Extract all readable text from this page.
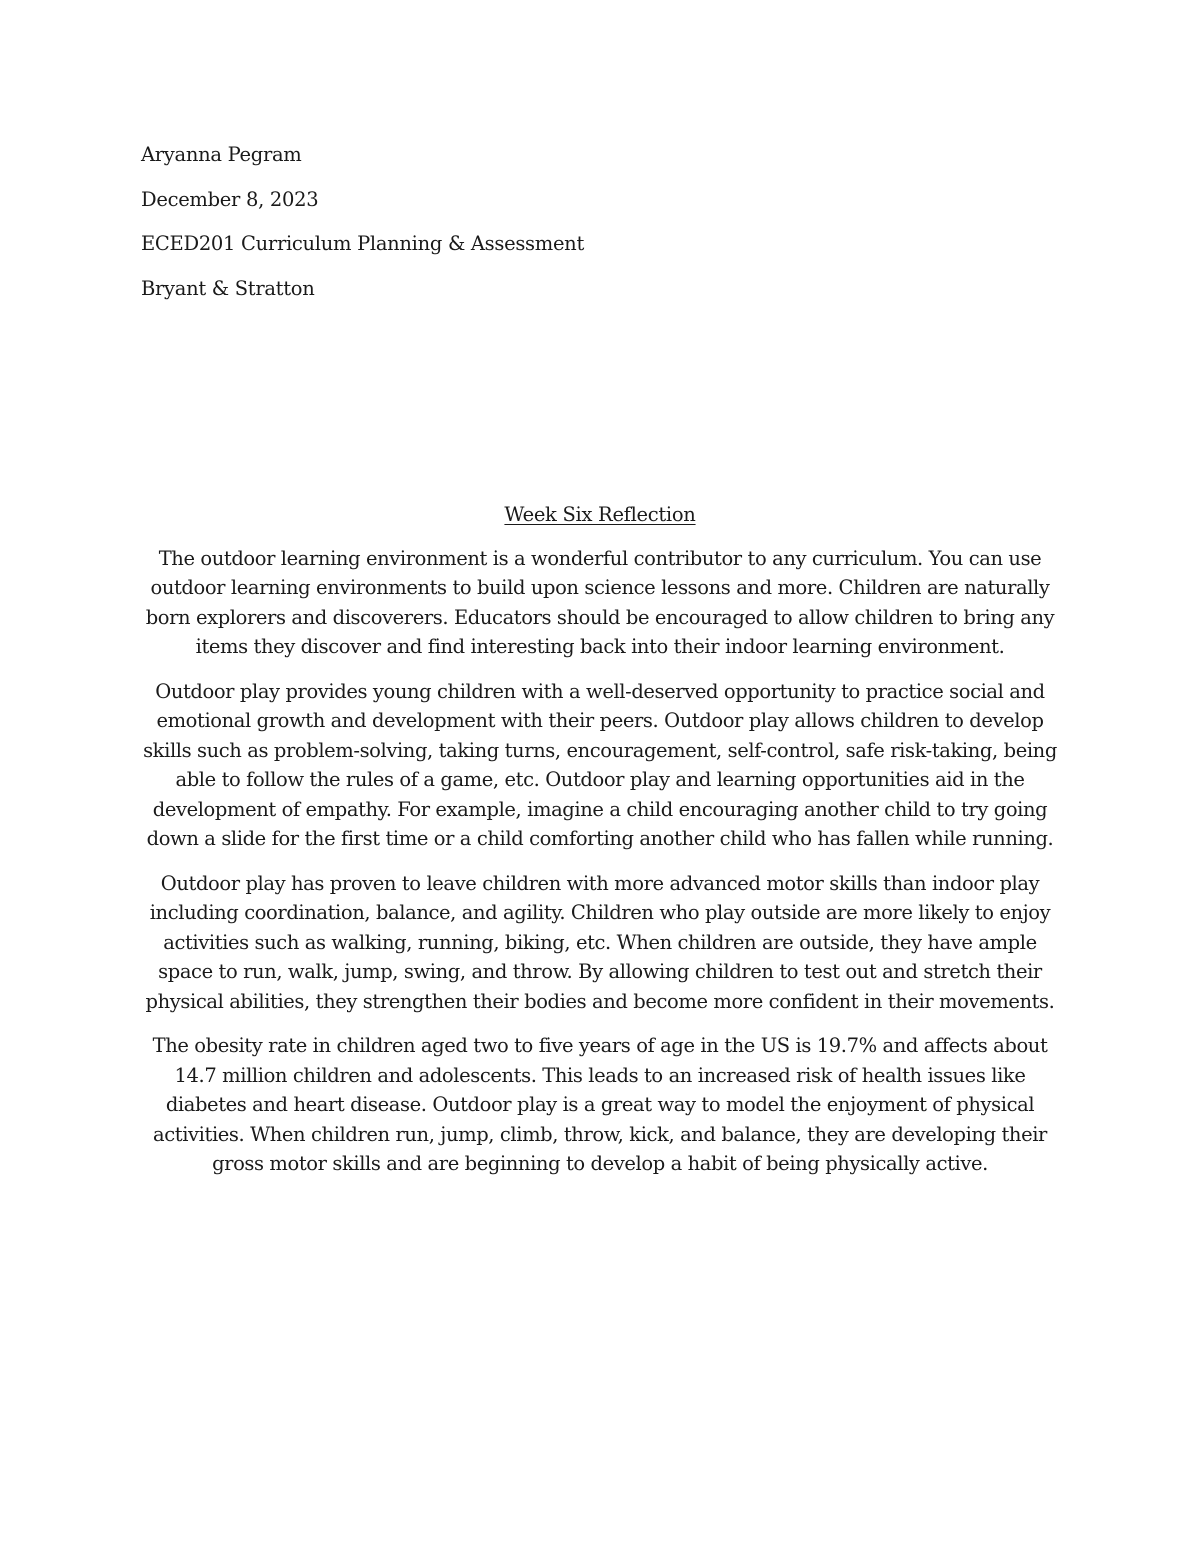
Aryanna Pegram
December 8, 2023
ECED201 Curriculum Planning & Assessment
Bryant & Stratton
Week Six Reflection
The outdoor learning environment is a wonderful contributor to any curriculum. You can use
outdoor learning environments to build upon science lessons and more. Children are naturally
born explorers and discoverers. Educators should be encouraged to allow children to bring any
items they discover and find interesting back into their indoor learning environment.
Outdoor play provides young children with a well-deserved opportunity to practice social and
emotional growth and development with their peers. Outdoor play allows children to develop
skills such as problem-solving, taking turns, encouragement, self-control, safe risk-taking, being
able to follow the rules of a game, etc. Outdoor play and learning opportunities aid in the
development of empathy. For example, imagine a child encouraging another child to try going
down a slide for the first time or a child comforting another child who has fallen while running.
Outdoor play has proven to leave children with more advanced motor skills than indoor play
including coordination, balance, and agility. Children who play outside are more likely to enjoy
activities such as walking, running, biking, etc. When children are outside, they have ample
space to run, walk, jump, swing, and throw. By allowing children to test out and stretch their
physical abilities, they strengthen their bodies and become more confident in their movements.
The obesity rate in children aged two to five years of age in the US is 19.7% and affects about
14.7 million children and adolescents. This leads to an increased risk of health issues like
diabetes and heart disease. Outdoor play is a great way to model the enjoyment of physical
activities. When children run, jump, climb, throw, kick, and balance, they are developing their
gross motor skills and are beginning to develop a habit of being physically active.
